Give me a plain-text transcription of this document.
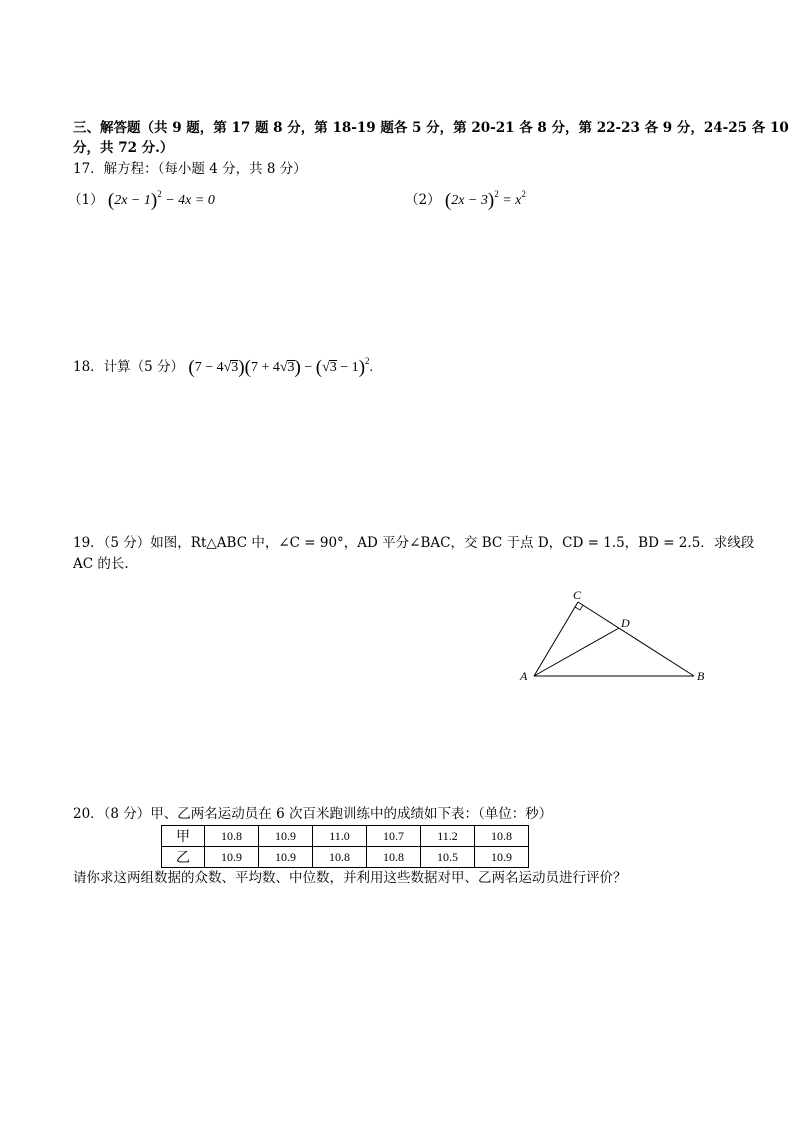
三、解答题（共 9 题，第 17 题 8 分，第 18-19 题各 5 分，第 20-21 各 8 分，第 22-23 各 9 分，24-25 各 10
分，共 72 分.）
17．解方程：（每小题 4 分，共 8 分）
（1） $(2x - 1)^2 - 4x = 0$	（2） $(2x - 3)^2 = x^2$
18．计算（5 分） $(7 - 4√3)(7 + 4√3) - (√3 - 1)^2$.
19．（5 分）如图，Rt△ABC 中，∠C = 90°，AD 平分∠BAC，交 BC 于点 D，CD = 1.5，BD = 2.5．求线段
AC 的长.
C
D
A	B
20．（8 分）甲、乙两名运动员在 6 次百米跑训练中的成绩如下表：（单位：秒）
甲	10.8	10.9	11.0	10.7	11.2	10.8
乙	10.9	10.9	10.8	10.8	10.5	10.9
请你求这两组数据的众数、平均数、中位数，并利用这些数据对甲、乙两名运动员进行评价？
